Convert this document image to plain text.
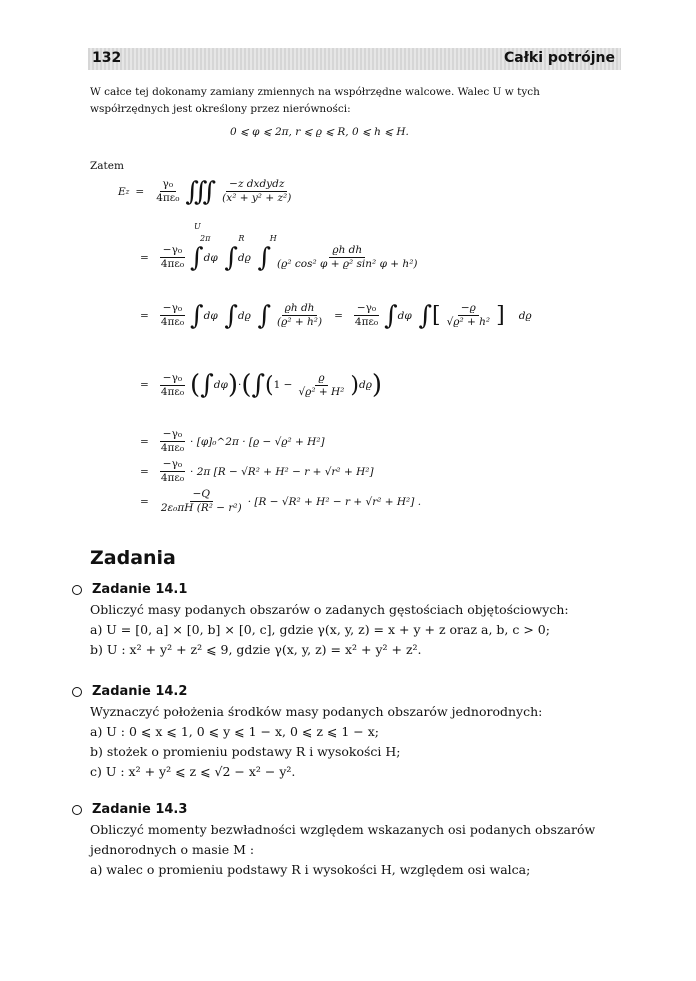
132	Całki potrójne
W całce tej dokonamy zamiany zmiennych na współrzędne walcowe. Walec U w tych
współrzędnych jest określony przez nierówności:
0 ⩽ φ ⩽ 2π, r ⩽ ϱ ⩽ R, 0 ⩽ h ⩽ H.
Zatem
E $z = \frac{\text{γ₀}}{\text{4πε₀}}$ ∭ $\frac{\text{−z dxdydz}}{\text{(x² + y² + z²)}}$
U
2π           R          H
= $\frac{\text{−γ₀}}{\text{4πε₀}}$ ∫ dφ
∫ dϱ
∫ $\frac{\text{ϱh dh}}{\text{(ϱ² cos² φ + ϱ² sin² φ + h²)}}$
= $\frac{\text{−γ₀}}{\text{4πε₀}}$ ∫ dφ
∫ dϱ
∫ $\frac{\text{ϱh dh}}{\text{(ϱ² + h²)}} = \frac{\text{−γ₀}}{\text{4πε₀}}$ ∫ dφ
∫ [ $\frac{-ϱ}{\text{√ϱ² + h²}}$ ] dϱ
= $\frac{\text{−γ₀}}{\text{4πε₀}}$ ( ∫ dφ ) · ( ∫ ( $1 - \frac{ϱ}{\text{√ϱ² + H²}}$ ) dϱ )
= $\frac{\text{−γ₀}}{\text{4πε₀}}$ · [φ]₀^2π · [ϱ − √ϱ² + H²]
= $\frac{\text{−γ₀}}{\text{4πε₀}} \cdot 2\pi$ [R − √R² + H² − r + √r² + H²]
= $\frac{-Q}{\text{2ε₀πH (R² − r²)}} \cdot [R - √R^2 + H^2 - r + √r^2 + H^2]$ .
Zadania
Zadanie 14.1
Obliczyć masy podanych obszarów o zadanych gęstościach objętościowych:
a) U = [0, a] × [0, b] × [0, c], gdzie γ(x, y, z) = x + y + z oraz a, b, c > 0;
b) U : x² + y² + z² ⩽ 9, gdzie γ(x, y, z) = x² + y² + z².
Zadanie 14.2
Wyznaczyć położenia środków masy podanych obszarów jednorodnych:
a) U : 0 ⩽ x ⩽ 1, 0 ⩽ y ⩽ 1 − x, 0 ⩽ z ⩽ 1 − x;
b) stożek o promieniu podstawy R i wysokości H;
c) U : x² + y² ⩽ z ⩽ √2 − x² − y².
Zadanie 14.3
Obliczyć momenty bezwładności względem wskazanych osi podanych obszarów
jednorodnych o masie M :
a) walec o promieniu podstawy R i wysokości H, względem osi walca;
